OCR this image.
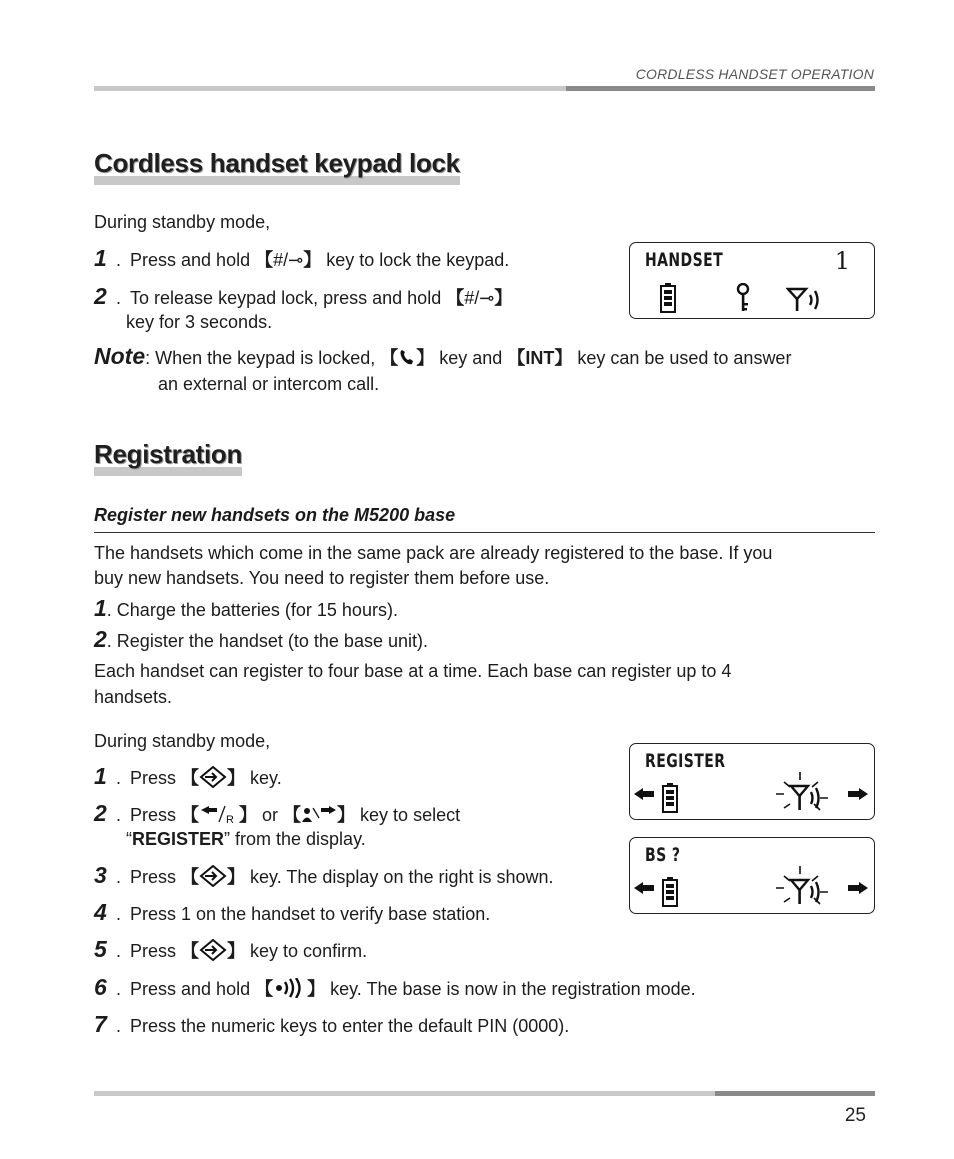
CORDLESS HANDSET OPERATION
Cordless handset keypad lock
During standby mode,
1 . Press and hold 【#/⊸】 key to lock the keypad.
2 . To release keypad lock, press and hold 【#/⊸】
key for 3 seconds.
Note: When the keypad is locked, 【 】 key and 【INT】 key can be used to answer
an external or intercom call.
HANDSET	1
Registration
Register new handsets on the M5200 base
The handsets which come in the same pack are already registered to the base. If you
buy new handsets. You need to register them before use.
1. Charge the batteries (for 15 hours).
2. Register the handset (to the base unit).
Each handset can register to four base at a time. Each base can register up to 4
handsets.
During standby mode,
1 . Press 【 】 key.
2 . Press 【 R 】 or 【 】 key to select
“REGISTER” from the display.
3 . Press 【 】 key. The display on the right is shown.
4 . Press 1 on the handset to verify base station.
5 . Press 【 】 key to confirm.
6 . Press and hold 【 】 key. The base is now in the registration mode.
7 . Press the numeric keys to enter the default PIN (0000).
REGISTER
BS ?
25
